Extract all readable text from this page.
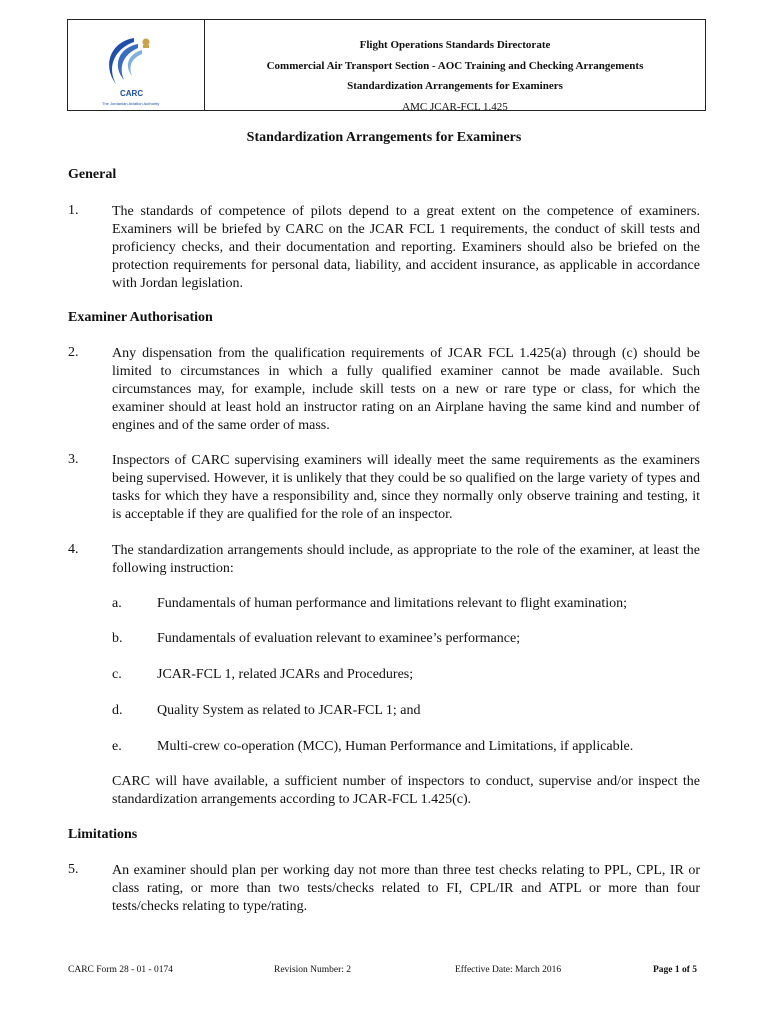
CARC
The Jordanian Aviation Authority
Flight Operations Standards Directorate
Commercial Air Transport Section - AOC Training and Checking Arrangements
Standardization Arrangements for Examiners
AMC JCAR-FCL 1.425
Standardization Arrangements for Examiners
General
1. The standards of competence of pilots depend to a great extent on the competence of examiners. Examiners will be briefed by CARC on the JCAR FCL 1 requirements, the conduct of skill tests and proficiency checks, and their documentation and reporting. Examiners should also be briefed on the protection requirements for personal data, liability, and accident insurance, as applicable in accordance with Jordan legislation.
Examiner Authorisation
2. Any dispensation from the qualification requirements of JCAR FCL 1.425(a) through (c) should be limited to circumstances in which a fully qualified examiner cannot be made available. Such circumstances may, for example, include skill tests on a new or rare type or class, for which the examiner should at least hold an instructor rating on an Airplane having the same kind and number of engines and of the same order of mass.
3. Inspectors of CARC supervising examiners will ideally meet the same requirements as the examiners being supervised. However, it is unlikely that they could be so qualified on the large variety of types and tasks for which they have a responsibility and, since they normally only observe training and testing, it is acceptable if they are qualified for the role of an inspector.
4. The standardization arrangements should include, as appropriate to the role of the examiner, at least the following instruction:
a.	Fundamentals of human performance and limitations relevant to flight examination;
b. Fundamentals of evaluation relevant to examinee’s performance;
c.	JCAR-FCL 1, related JCARs and Procedures;
d. Quality System as related to JCAR-FCL 1; and
e.	Multi-crew co-operation (MCC), Human Performance and Limitations, if applicable.
CARC will have available, a sufficient number of inspectors to conduct, supervise and/or inspect the standardization arrangements according to JCAR-FCL 1.425(c).
Limitations
5. An examiner should plan per working day not more than three test checks relating to PPL, CPL, IR or class rating, or more than two tests/checks related to FI, CPL/IR and ATPL or more than four tests/checks relating to type/rating.
CARC Form 28 - 01 - 0174	Revision Number: 2	Effective Date: March 2016	Page 1 of 5
